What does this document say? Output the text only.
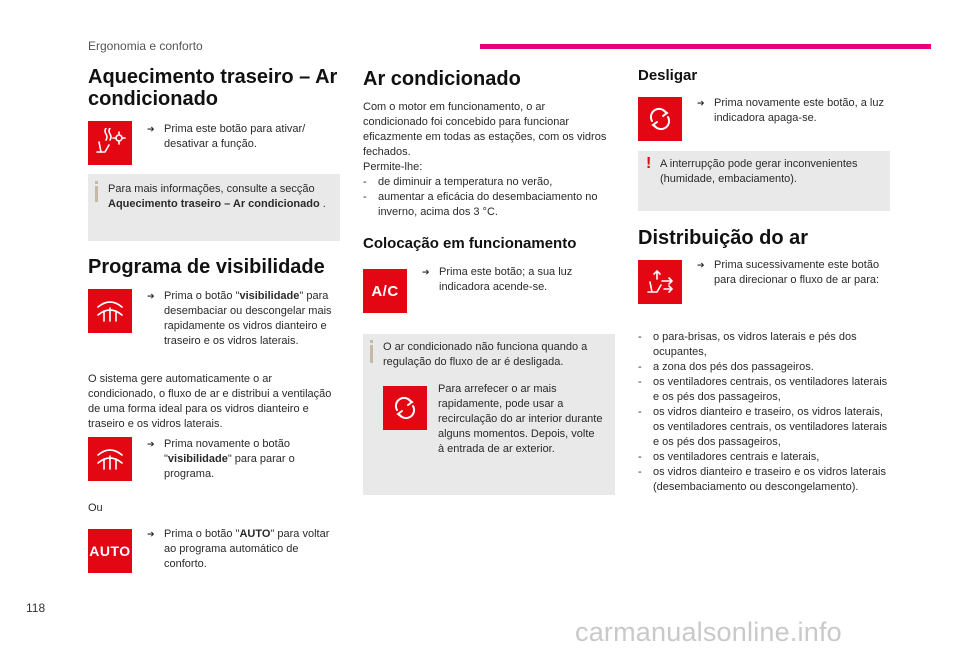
Ergonomia e conforto
118
carmanualsonline.info
Aquecimento traseiro – Ar condicionado
➔ Prima este botão para ativar/ desativar a função.
Para mais informações, consulte a secção Aquecimento traseiro – Ar condicionado .
Programa de visibilidade
➔ Prima o botão "visibilidade" para desembaciar ou descongelar mais rapidamente os vidros dianteiro e traseiro e os vidros laterais.
O sistema gere automaticamente o ar condicionado, o fluxo de ar e distribui a ventilação de uma forma ideal para os vidros dianteiro e traseiro e os vidros laterais.
➔ Prima novamente o botão "visibilidade" para parar o programa.
Ou
AUTO
➔ Prima o botão "AUTO" para voltar ao programa automático de conforto.
Ar condicionado
Com o motor em funcionamento, o ar condicionado foi concebido para funcionar eficazmente em todas as estações, com os vidros fechados.
Permite-lhe:
- de diminuir a temperatura no verão,
- aumentar a eficácia do desembaciamento no inverno, acima dos 3 °C.
Colocação em funcionamento
A/C
➔ Prima este botão; a sua luz indicadora acende-se.
O ar condicionado não funciona quando a regulação do fluxo de ar é desligada.
Para arrefecer o ar mais rapidamente, pode usar a recirculação do ar interior durante alguns momentos. Depois, volte à entrada de ar exterior.
Desligar
➔ Prima novamente este botão, a luz indicadora apaga-se.
! A interrupção pode gerar inconvenientes (humidade, embaciamento).
Distribuição do ar
➔ Prima sucessivamente este botão para direcionar o fluxo de ar para:
- o para-brisas, os vidros laterais e pés dos ocupantes,
- a zona dos pés dos passageiros.
- os ventiladores centrais, os ventiladores laterais e os pés dos passageiros,
- os vidros dianteiro e traseiro, os vidros laterais, os ventiladores centrais, os ventiladores laterais e os pés dos passageiros,
- os ventiladores centrais e laterais,
- os vidros dianteiro e traseiro e os vidros laterais (desembaciamento ou descongelamento).
